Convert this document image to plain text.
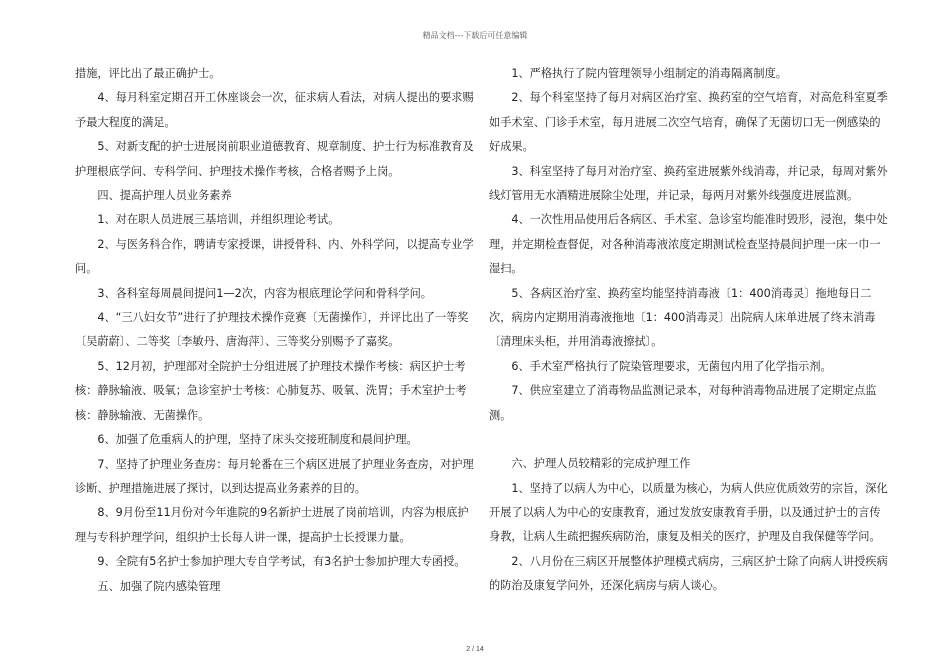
精品文档---下载后可任意编辑

措施，评比出了最正确护士。

　　4、每月科室定期召开工休座谈会一次，征求病人看法，对病人提出的要求赐予最大程度的满足。

　　5、对新支配的护士进展岗前职业道德教育、规章制度、护士行为标准教育及护理根底学问、专科学问、护理技术操作考核，合格者赐予上岗。

　　四、提高护理人员业务素养

　　1、对在职人员进展三基培训，并组织理论考试。

　　2、与医务科合作，聘请专家授课，讲授骨科、内、外科学问，以提高专业学问。

　　3、各科室每周晨间提问1—2次，内容为根底理论学问和骨科学问。

　　4、“三八妇女节”进行了护理技术操作竞赛〔无菌操作〕，并评比出了一等奖〔吴蔚蔚〕、二等奖〔李敏丹、唐海萍〕、三等奖分别赐予了嘉奖。

　　5、12月初，护理部对全院护士分组进展了护理技术操作考核：病区护士考核：静脉输液、吸氧；急诊室护士考核：心肺复苏、吸氧、洗胃；手术室护士考核：静脉输液、无菌操作。

　　6、加强了危重病人的护理，坚持了床头交接班制度和晨间护理。

　　7、坚持了护理业务查房：每月轮番在三个病区进展了护理业务查房，对护理诊断、护理措施进展了探讨，以到达提高业务素养的目的。

　　8、9月份至11月份对今年進院的9名新护士进展了岗前培训，内容为根底护理与专科护理学问，组织护士长每人讲一课，提高护士长授课力量。

　　9、全院有5名护士参加护理大专自学考试，有3名护士参加护理大专函授。

　　五、加强了院内感染管理

　　1、严格执行了院内管理领导小组制定的消毒隔离制度。

　　2、每个科室坚持了每月对病区治疗室、换药室的空气培育，对高危科室夏季如手术室、门诊手术室，每月进展二次空气培育，确保了无菌切口无一例感染的好成果。

　　3、科室坚持了每月对治疗室、换药室进展紫外线消毒，并记录，每周对紫外线灯管用无水酒精进展除尘处理，并记录，每两月对紫外线强度进展监测。

　　4、一次性用品使用后各病区、手术室、急诊室均能准时毁形，浸泡，集中处理，并定期检查督促，对各种消毒液浓度定期测试检查坚持晨间护理一床一巾一湿扫。

　　5、各病区治疗室、换药室均能坚持消毒液〔1：400消毒灵〕拖地每日二次，病房内定期用消毒液拖地〔1：400消毒灵〕出院病人床单进展了终末消毒〔清理床头柜，并用消毒液擦拭〕。

　　6、手术室严格执行了院染管理要求，无菌包内用了化学指示剂。

　　7、供应室建立了消毒物品监测记录本，对每种消毒物品进展了定期定点监测。

　　六、护理人员较精彩的完成护理工作

　　1、坚持了以病人为中心，以质量为核心，为病人供应优质效劳的宗旨，深化开展了以病人为中心的安康教育，通过发放安康教育手册，以及通过护士的言传身教，让病人生疏把握疾病防治，康复及相关的医疗，护理及自我保健等学问。

　　2、八月份在三病区开展整体护理模式病房，三病区护士除了向病人讲授疾病的防治及康复学问外，还深化病房与病人谈心。

2 / 14
